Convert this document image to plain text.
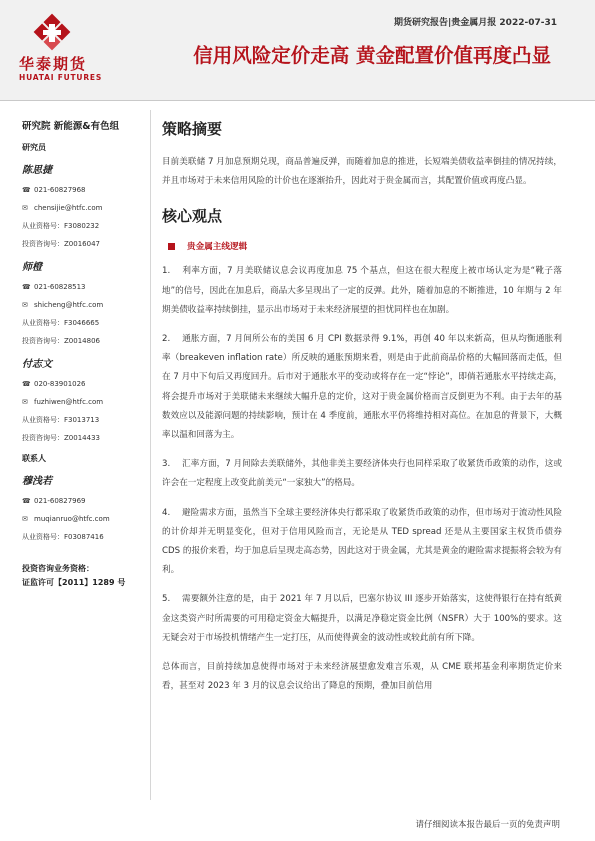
华泰期货
HUATAI FUTURES
期货研究报告|贵金属月报 2022-07-31
信用风险定价走高 黄金配置价值再度凸显
研究院 新能源&有色组
研究员
陈思捷
☎ 021-60827968
✉ chensijie@htfc.com
从业资格号：F3080232
投资咨询号：Z0016047
师橙
☎ 021-60828513
✉ shicheng@htfc.com
从业资格号：F3046665
投资咨询号：Z0014806
付志文
☎ 020-83901026
✉ fuzhiwen@htfc.com
从业资格号：F3013713
投资咨询号：Z0014433
联系人
穆浅若
☎ 021-60827969
✉ muqianruo@htfc.com
从业资格号：F03087416
投资咨询业务资格：
证监许可【2011】1289 号
策略摘要

目前美联储 7 月加息预期兑现，商品普遍反弹，而随着加息的推进，长短端美债收益率倒挂的情况持续，并且市场对于未来信用风险的计价也在逐渐抬升，因此对于贵金属而言，其配置价值或再度凸显。

核心观点
贵金属主线逻辑

1. 利率方面，7 月美联储议息会议再度加息 75 个基点，但这在很大程度上被市场认定为是“靴子落地”的信号，因此在加息后，商品大多呈现出了一定的反弹。此外，随着加息的不断推进，10 年期与 2 年期美债收益率持续倒挂，显示出市场对于未来经济展望的担忧同样也在加剧。

2. 通胀方面，7 月间所公布的美国 6 月 CPI 数据录得 9.1%，再创 40 年以来新高，但从均衡通胀利率（breakeven inflation rate）所反映的通胀预期来看，则是由于此前商品价格的大幅回落而走低，但在 7 月中下旬后又再度回升。后市对于通胀水平的变动或将存在一定“悖论”，即倘若通胀水平持续走高，将会提升市场对于美联储未来继续大幅升息的定价，这对于贵金属价格而言反倒更为不利。由于去年的基数效应以及能源问题的持续影响，预计在 4 季度前，通胀水平仍将维持相对高位。在加息的背景下，大概率以温和回落为主。

3. 汇率方面，7 月间除去美联储外，其他非美主要经济体央行也同样采取了收紧货币政策的动作，这或许会在一定程度上改变此前美元“一家独大”的格局。

4. 避险需求方面，虽然当下全球主要经济体央行都采取了收紧货币政策的动作，但市场对于流动性风险的计价却并无明显变化，但对于信用风险而言，无论是从 TED spread 还是从主要国家主权货币债券 CDS 的报价来看，均于加息后呈现走高态势，因此这对于贵金属，尤其是黄金的避险需求提振将会较为有利。

5. 需要额外注意的是，由于 2021 年 7 月以后，巴塞尔协议 III 逐步开始落实，这使得银行在持有纸黄金这类资产时所需要的可用稳定资金大幅提升，以满足净稳定资金比例（NSFR）大于 100%的要求。这无疑会对于市场投机情绪产生一定打压，从而使得黄金的波动性或较此前有所下降。

总体而言，目前持续加息使得市场对于未来经济展望愈发难言乐观，从 CME 联邦基金利率期货定价来看，甚至对 2023 年 3 月的议息会议给出了降息的预期，叠加目前信用

请仔细阅读本报告最后一页的免责声明
